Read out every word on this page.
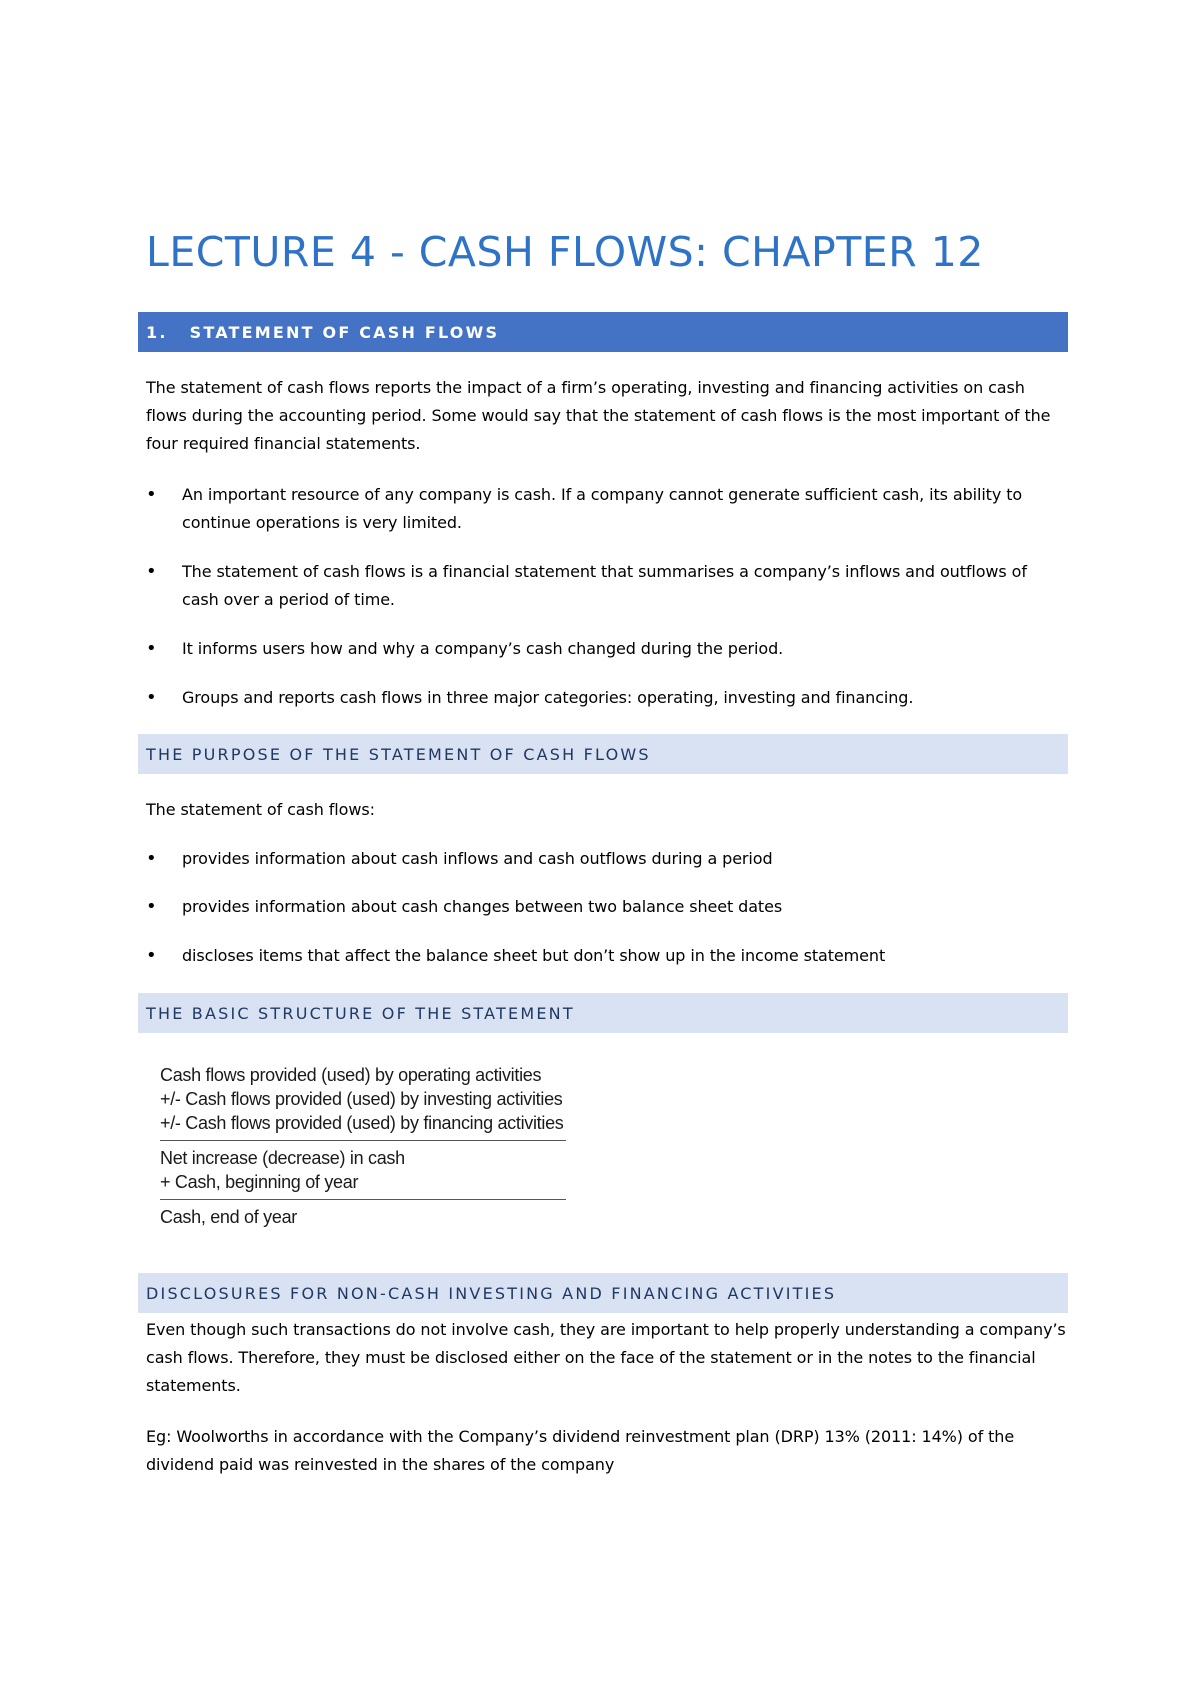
LECTURE 4 - CASH FLOWS: CHAPTER 12
1. STATEMENT OF CASH FLOWS

The statement of cash flows reports the impact of a firm’s operating, investing and financing activities on cash flows during the accounting period. Some would say that the statement of cash flows is the most important of the four required financial statements.

•	An important resource of any company is cash. If a company cannot generate sufficient cash, its ability to continue operations is very limited.
•	The statement of cash flows is a financial statement that summarises a company’s inflows and outflows of cash over a period of time.
•	It informs users how and why a company’s cash changed during the period.
•	Groups and reports cash flows in three major categories: operating, investing and financing.
THE PURPOSE OF THE STATEMENT OF CASH FLOWS

The statement of cash flows:

•	provides information about cash inflows and cash outflows during a period
•	provides information about cash changes between two balance sheet dates
•	discloses items that affect the balance sheet but don’t show up in the income statement
THE BASIC STRUCTURE OF THE STATEMENT
Cash flows provided (used) by operating activities
+/- Cash flows provided (used) by investing activities
+/- Cash flows provided (used) by financing activities
Net increase (decrease) in cash
+ Cash, beginning of year
Cash, end of year
DISCLOSURES FOR NON-CASH INVESTING AND FINANCING ACTIVITIES

Even though such transactions do not involve cash, they are important to help properly understanding a company’s cash flows. Therefore, they must be disclosed either on the face of the statement or in the notes to the financial statements.

Eg: Woolworths in accordance with the Company’s dividend reinvestment plan (DRP) 13% (2011: 14%) of the dividend paid was reinvested in the shares of the company
